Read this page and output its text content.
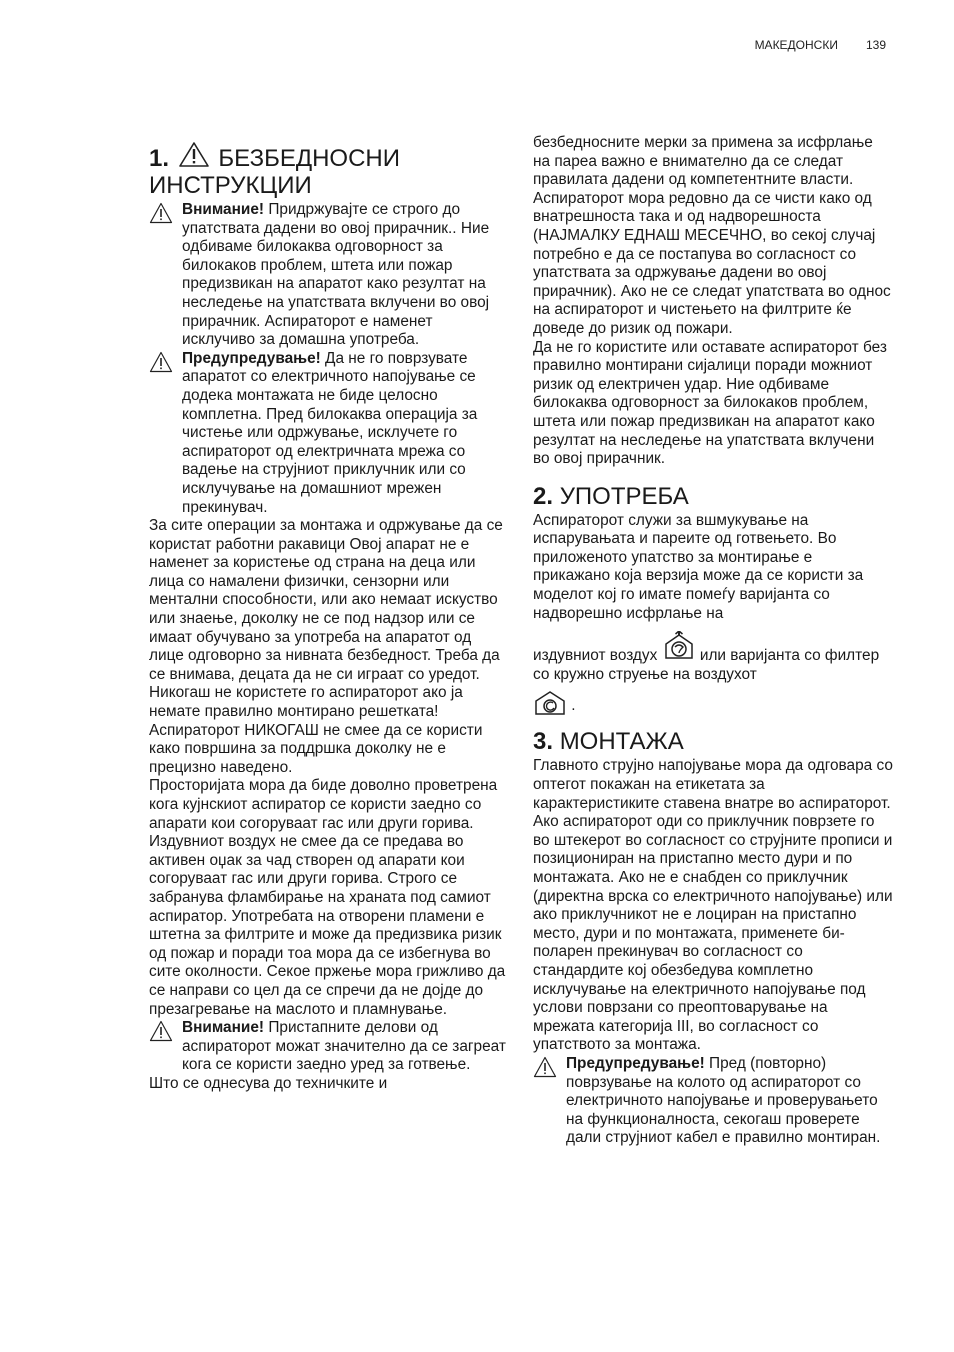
МАКЕДОНСКИ 139
1. БЕЗБЕДНОСНИ
ИНСТРУКЦИИ

Внимание! Придржувајте се строго до упатствата дадени во овој прирачник.. Ние одбиваме билокаква одговорност за билокаков проблем, штета или пожар предизвикан на апаратот како резултат на неследење на упатствата вклучени во овој прирачник. Аспираторот е наменет исклучиво за домашна употреба.

Предупредување! Да не го поврзувате апаратот со електричното напојување се додека монтажата не биде целосно комплетна. Пред билокаква операција за чистење или одржување, исклучете го аспираторот од електричната мрежа со вадење на струјниот приклучник или со исклучување на домашниот мрежен прекинувач.

За сите операции за монтажа и одржување да се користат работни ракавици Овој апарат не е наменет за користење од страна на деца или лица со намалени физички, сензорни или ментални способности, или ако немаат искуство или знаење, доколку не се под надзор или се имаат обучувано за употреба на апаратот од лице одговорно за нивната безбедност. Треба да се внимава, децата да не си играат со уредот. Никогаш не користете го аспираторот ако ја немате правилно монтирано решетката!

Аспираторот НИКОГАШ не смее да се користи како површина за поддршка доколку не е прецизно наведено.

Просторијата мора да биде доволно проветрена кога кујнскиот аспиратор се користи заедно со апарати кои согоруваат гас или други горива.

Издувниот воздух не смее да се предава во активен оџак за чад створен од апарати кои согоруваат гас или други горива. Строго се забранува фламбирање на храната под самиот аспиратор. Употребата на отворени пламени е штетна за филтрите и може да предизвика ризик од пожар и поради тоа мора да се избегнува во сите околности. Секое пржење мора грижливо да се направи со цел да се спречи да не дојде до презагревање на маслото и пламнување.

Внимание! Пристапните делови од аспираторот можат значително да се загреат кога се користи заедно уред за готвење.

Што се однесува до техничките и

безбедносните мерки за примена за исфрлање на пареа важно е внимателно да се следат правилата дадени од компетентните власти. Аспираторот мора редовно да се чисти како од внатрешноста така и од надворешноста (НАЈМАЛКУ ЕДНАШ МЕСЕЧНО, во секој случај потребно е да се постапува во согласност со упатствата за одржување дадени во овој прирачник). Ако не се следат упатствата во однос на аспираторот и чистењето на филтрите ќе доведе до ризик од пожари.

Да не го користите или оставате аспираторот без правилно монтирани сијалици поради можниот ризик од електричен удар. Ние одбиваме билокаква одговорност за билокаков проблем, штета или пожар предизвикан на апаратот како резултат на неследење на упатствата вклучени во овој прирачник.

2. УПОТРЕБА

Аспираторот служи за вшмукување на испарувањата и пареите од готвењето. Во приложеното упатство за монтирање е прикажано која верзија може да се користи за моделот кој го имате помеѓу варијанта со надворешно исфрлање на

издувниот воздух  или варијанта со филтер со кружно струење на воздухот
.

3. МОНТАЖА

Главното струјно напојување мора да одговара со оптегот покажан на етикетата за карактеристиките ставена внатре во аспираторот. Ако аспираторот оди со приклучник поврзете го во штекерот во согласност со струјните прописи и позициониран на пристапно место дури и по монтажата. Ако не е снабден со приклучник (директна врска со електричното напојување) или ако приклучникот не е лоциран на пристапно место, дури и по монтажата, применете би-поларен прекинувач во согласност со стандардите кој обезбедува комплетно исклучување на електричното напојување под услови поврзани со преоптоварување на мрежата категорија III, во согласност со упатството за монтажа.

Предупредување! Пред (повторно) поврзување на колото од аспираторот со електричното напојување и проверувањето на функционалноста, секогаш проверете дали струјниот кабел е правилно монтиран.
